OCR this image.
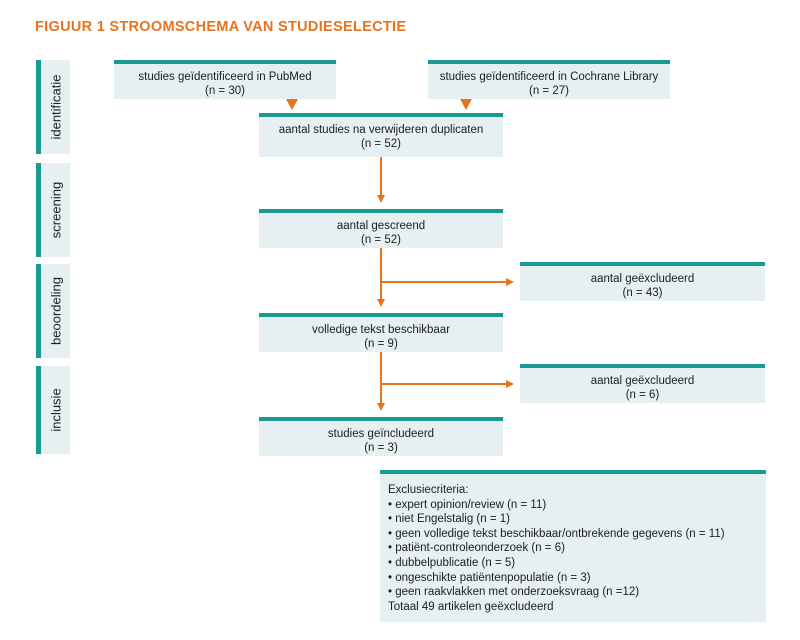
FIGUUR 1 STROOMSCHEMA VAN STUDIESELECTIE
identificatie
screening
beoordeling
inclusie
studies geïdentificeerd in PubMed
(n = 30)
studies geïdentificeerd in Cochrane Library
(n = 27)
aantal studies na verwijderen duplicaten
(n = 52)
aantal gescreend
(n = 52)
aantal geëxcludeerd
(n = 43)
volledige tekst beschikbaar
(n = 9)
aantal geëxcludeerd
(n = 6)
studies geïncludeerd
(n = 3)
Exclusiecriteria:
• expert opinion/review (n = 11)
• niet Engelstalig (n = 1)
• geen volledige tekst beschikbaar/ontbrekende gegevens (n = 11)
• patiënt-controleonderzoek (n = 6)
• dubbelpublicatie (n = 5)
• ongeschikte patiëntenpopulatie (n = 3)
• geen raakvlakken met onderzoeksvraag (n =12)
Totaal 49 artikelen geëxcludeerd
